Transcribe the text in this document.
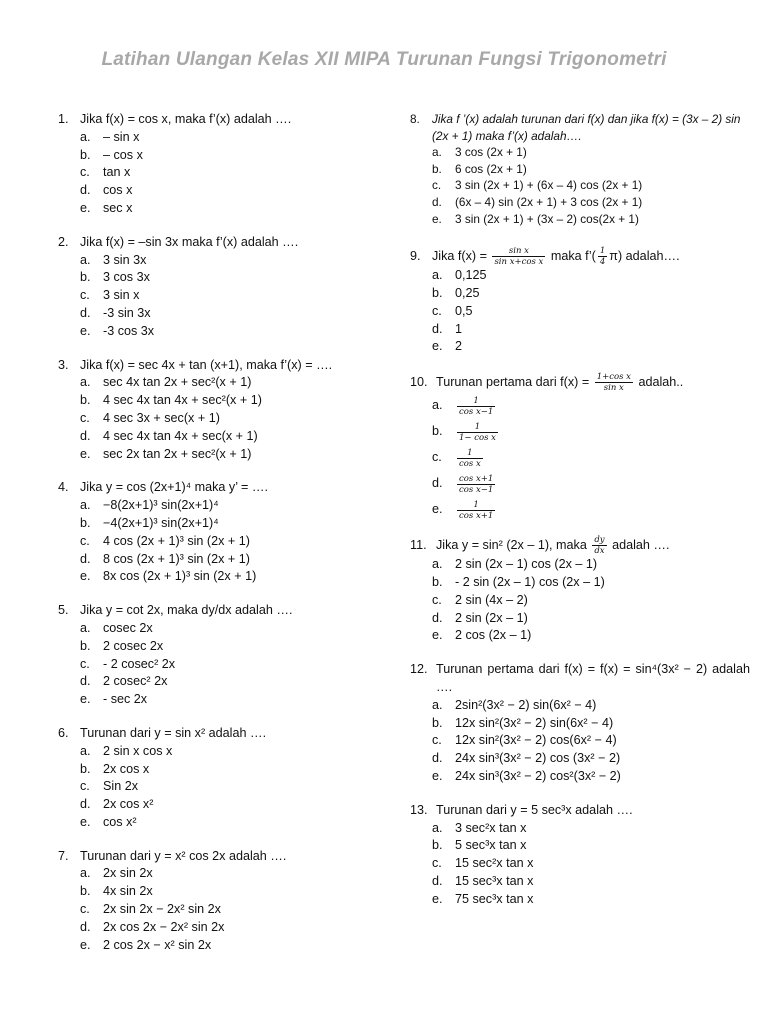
Latihan Ulangan Kelas XII MIPA Turunan Fungsi Trigonometri
1. Jika f(x) = cos x, maka f’(x) adalah ….
a. – sin x
b. – cos x
c.	tan x
d. cos x
e. sec x
2. Jika f(x) = –sin 3x maka f’(x) adalah ….
a. 3 sin 3x
b. 3 cos 3x
c.	3 sin x
d. -3 sin 3x
e. -3 cos 3x
3. Jika f(x) = sec 4x + tan (x+1), maka f’(x) = ….
a. sec 4x tan 2x + sec²(x + 1)
b. 4 sec 4x tan 4x + sec²(x + 1)
c.	4 sec 3x + sec(x + 1)
d. 4 sec 4x tan 4x + sec(x + 1)
e. sec 2x tan 2x + sec²(x + 1)
4. Jika y = cos (2x+1)⁴ maka y’ = ….
a. −8(2x+1)³ sin(2x+1)⁴
b. −4(2x+1)³ sin(2x+1)⁴
c.	4 cos (2x + 1)³ sin (2x + 1)
d. 8 cos (2x + 1)³ sin (2x + 1)
e. 8x cos (2x + 1)³ sin (2x + 1)
5. Jika y = cot 2x, maka dy/dx adalah ….
a. cosec 2x
b. 2 cosec 2x
c.	- 2 cosec² 2x
d. 2 cosec² 2x
e. - sec 2x
6. Turunan dari y = sin x² adalah ….
a. 2 sin x cos x
b. 2x cos x
c.	Sin 2x
d. 2x cos x²
e. cos x²
7. Turunan dari y = x² cos 2x adalah ….
a. 2x sin 2x
b. 4x sin 2x
c.	2x sin 2x − 2x² sin 2x
d. 2x cos 2x − 2x² sin 2x
e. 2 cos 2x − x² sin 2x
8.	Jika f ’(x) adalah turunan dari f(x) dan jika f(x) = (3x – 2) sin (2x + 1) maka f’(x) adalah….
a.	3 cos (2x + 1)
b.	6 cos (2x + 1)
c.	3 sin (2x + 1) + (6x – 4) cos (2x + 1)
d.	(6x – 4) sin (2x + 1) + 3 cos (2x + 1)
e.	3 sin (2x + 1) + (3x – 2) cos(2x + 1)
9. Jika $f(x) = \frac{\text{sin x}}{\text{sin x+cos x}}$ maka f’( $\frac{1}{4} \pi$) adalah….
a. 0,125
b. 0,25
c.	0,5
d. 1
e. 2
10. Turunan pertama dari $f(x) = \frac{\text{1+cos x}}{\text{sin x}}$ adalah..
a.	$\frac{1}{\text{cos x−1}}$
b.	$\frac{1}{\text{1− cos x}}$
c.	$\frac{1}{\text{cos x}}$
d.	$\frac{\text{cos x+1}}{\text{cos x−1}}$
e.	$\frac{1}{\text{cos x+1}}$
11. Jika y = sin² (2x – 1), maka $\frac{dy}{dx}$ adalah ….
a. 2 sin (2x – 1) cos (2x – 1)
b. - 2 sin (2x – 1) cos (2x – 1)
c.	2 sin (4x – 2)
d. 2 sin (2x – 1)
e. 2 cos (2x – 1)
12. Turunan pertama dari f(x) = f(x) = sin⁴(3x² − 2) adalah ….
a. 2sin²(3x² − 2) sin(6x² − 4)
b. 12x sin²(3x² − 2) sin(6x² − 4)
c.	12x sin²(3x² − 2) cos(6x² − 4)
d. 24x sin³(3x² − 2) cos (3x² − 2)
e. 24x sin³(3x² − 2) cos²(3x² − 2)
13. Turunan dari y = 5 sec³x adalah ….
a. 3 sec²x tan x
b. 5 sec³x tan x
c.	15 sec²x tan x
d. 15 sec³x tan x
e. 75 sec³x tan x
